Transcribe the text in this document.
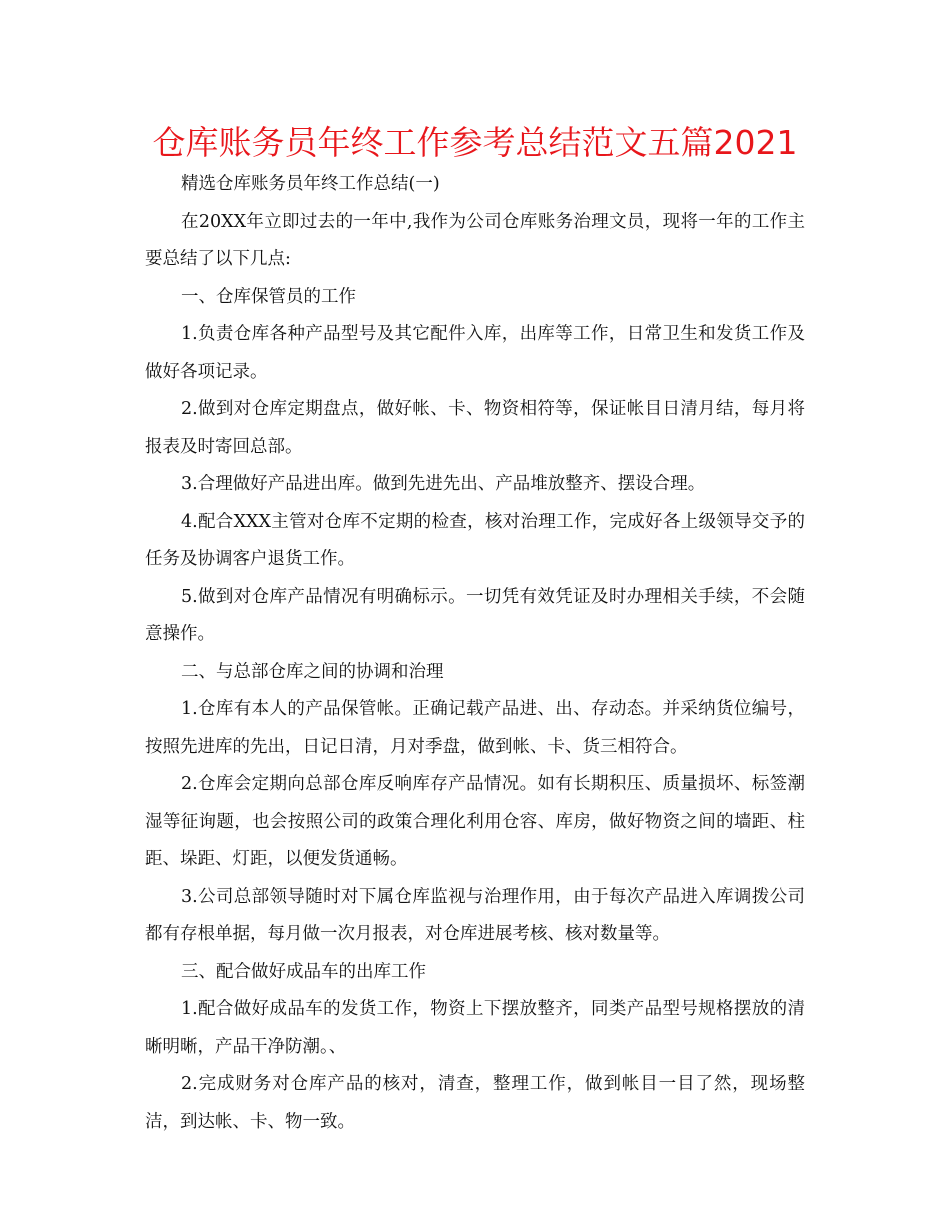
仓库账务员年终工作参考总结范文五篇2021

精选仓库账务员年终工作总结(一)

在20XX年立即过去的一年中,我作为公司仓库账务治理文员，现将一年的工作主要总结了以下几点:

一、仓库保管员的工作

1.负责仓库各种产品型号及其它配件入库，出库等工作，日常卫生和发货工作及做好各项记录。

2.做到对仓库定期盘点，做好帐、卡、物资相符等，保证帐目日清月结，每月将报表及时寄回总部。

3.合理做好产品进出库。做到先进先出、产品堆放整齐、摆设合理。

4.配合XXX主管对仓库不定期的检查，核对治理工作，完成好各上级领导交予的任务及协调客户退货工作。

5.做到对仓库产品情况有明确标示。一切凭有效凭证及时办理相关手续，不会随意操作。

二、与总部仓库之间的协调和治理

1.仓库有本人的产品保管帐。正确记载产品进、出、存动态。并采纳货位编号，按照先进库的先出，日记日清，月对季盘，做到帐、卡、货三相符合。

2.仓库会定期向总部仓库反响库存产品情况。如有长期积压、质量损坏、标签潮湿等征询题，也会按照公司的政策合理化利用仓容、库房，做好物资之间的墙距、柱距、垛距、灯距，以便发货通畅。

3.公司总部领导随时对下属仓库监视与治理作用，由于每次产品进入库调拨公司都有存根单据，每月做一次月报表，对仓库进展考核、核对数量等。

三、配合做好成品车的出库工作

1.配合做好成品车的发货工作，物资上下摆放整齐，同类产品型号规格摆放的清晰明晰，产品干净防潮。、

2.完成财务对仓库产品的核对，清查，整理工作，做到帐目一目了然，现场整洁，到达帐、卡、物一致。
